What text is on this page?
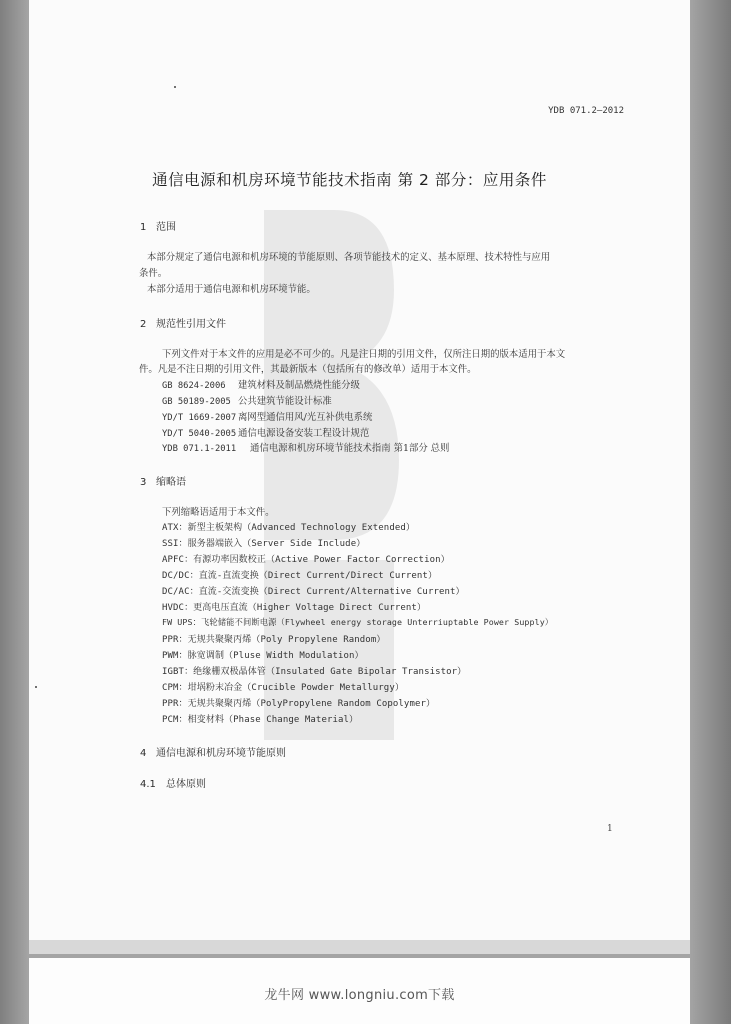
YDB 071.2—2012
通信电源和机房环境节能技术指南 第 2 部分：应用条件
1 范围
本部分规定了通信电源和机房环境的节能原则、各项节能技术的定义、基本原理、技术特性与应用
条件。
本部分适用于通信电源和机房环境节能。
2 规范性引用文件
下列文件对于本文件的应用是必不可少的。凡是注日期的引用文件，仅所注日期的版本适用于本文
件。凡是不注日期的引用文件，其最新版本（包括所有的修改单）适用于本文件。
GB 8624-2006 建筑材料及制品燃烧性能分级
GB 50189-2005 公共建筑节能设计标准
YD/T 1669-2007 离网型通信用风/光互补供电系统
YD/T 5040-2005 通信电源设备安装工程设计规范
YDB 071.1-2011 通信电源和机房环境节能技术指南 第1部分 总则
3 缩略语
下列缩略语适用于本文件。
ATX：新型主板架构（Advanced Technology Extended）
SSI：服务器端嵌入（Server Side Include）
APFC：有源功率因数校正（Active Power Factor Correction）
DC/DC：直流-直流变换（Direct Current/Direct Current）
DC/AC：直流-交流变换（Direct Current/Alternative Current）
HVDC：更高电压直流（Higher Voltage Direct Current）
FW UPS：飞轮储能不间断电源（Flywheel energy storage Unterriuptable Power Supply）
PPR：无规共聚聚丙烯（Poly Propylene Random）
PWM：脉宽调制（Pluse Width Modulation）
IGBT：绝缘栅双极晶体管（Insulated Gate Bipolar Transistor）
CPM：坩埚粉末冶金（Crucible Powder Metallurgy）
PPR：无规共聚聚丙烯（PolyPropylene Random Copolymer）
PCM：相变材料（Phase Change Material）
4 通信电源和机房环境节能原则
4.1 总体原则
1
龙牛网 www.longniu.com下载
